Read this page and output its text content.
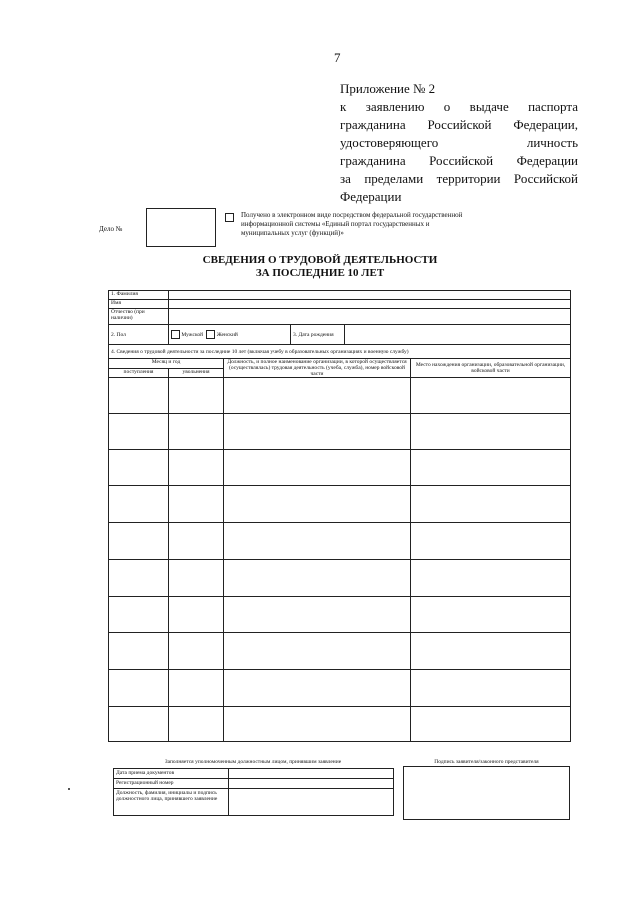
7
Приложение № 2
к заявлению о выдаче паспорта
гражданина Российской Федерации,
удостоверяющего личность
гражданина Российской Федерации
за пределами территории Российской
Федерации
Дело №
Получено в электронном виде посредством федеральной государственной информационной системы «Единый портал государственных и муниципальных услуг (функций)»
СВЕДЕНИЯ О ТРУДОВОЙ ДЕЯТЕЛЬНОСТИ
ЗА ПОСЛЕДНИЕ 10 ЛЕТ
1. Фамилия					
Имя					
Отчество (при наличии)					
2. Пол	Мужской Женский		3. Дата рождения		
4. Сведения о трудовой деятельности за последние 10 лет (включая учебу в образовательных организациях и военную службу)					
Месяц и год		Должность, и полное наименование организации, в которой осуществляется (осуществлялась) трудовая деятельность (учеба, служба), номер войсковой части			Место нахождения организации, образовательной организации, войсковой части
поступления	увольнения				

Заполняется уполномоченным должностным лицом, принявшим заявление	Подпись заявителя/законного представителя
Дата приема документов	
Регистрационный номер	
Должность, фамилия, инициалы и подпись должностного лица, принявшего заявление	
